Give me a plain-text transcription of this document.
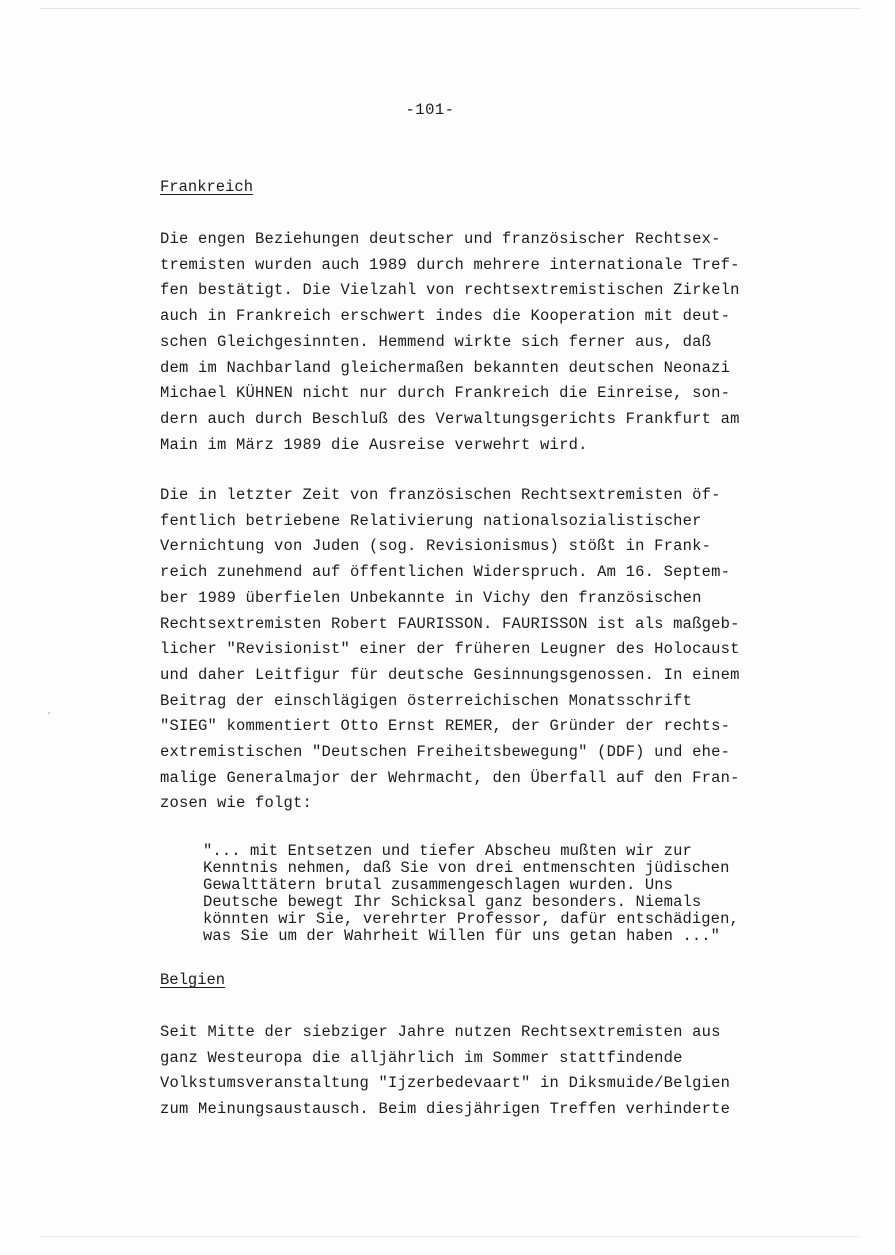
-101-
Frankreich

Die engen Beziehungen deutscher und französischer Rechtsex-
tremisten wurden auch 1989 durch mehrere internationale Tref-
fen bestätigt. Die Vielzahl von rechtsextremistischen Zirkeln
auch in Frankreich erschwert indes die Kooperation mit deut-
schen Gleichgesinnten. Hemmend wirkte sich ferner aus, daß
dem im Nachbarland gleichermaßen bekannten deutschen Neonazi
Michael KÜHNEN nicht nur durch Frankreich die Einreise, son-
dern auch durch Beschluß des Verwaltungsgerichts Frankfurt am
Main im März 1989 die Ausreise verwehrt wird.

Die in letzter Zeit von französischen Rechtsextremisten öf-
fentlich betriebene Relativierung nationalsozialistischer
Vernichtung von Juden (sog. Revisionismus) stößt in Frank-
reich zunehmend auf öffentlichen Widerspruch. Am 16. Septem-
ber 1989 überfielen Unbekannte in Vichy den französischen
Rechtsextremisten Robert FAURISSON. FAURISSON ist als maßgeb-
licher "Revisionist" einer der früheren Leugner des Holocaust
und daher Leitfigur für deutsche Gesinnungsgenossen. In einem
Beitrag der einschlägigen österreichischen Monatsschrift
"SIEG" kommentiert Otto Ernst REMER, der Gründer der rechts-
extremistischen "Deutschen Freiheitsbewegung" (DDF) und ehe-
malige Generalmajor der Wehrmacht, den Überfall auf den Fran-
zosen wie folgt:

"... mit Entsetzen und tiefer Abscheu mußten wir zur
Kenntnis nehmen, daß Sie von drei entmenschten jüdischen
Gewalttätern brutal zusammengeschlagen wurden. Uns
Deutsche bewegt Ihr Schicksal ganz besonders. Niemals
könnten wir Sie, verehrter Professor, dafür entschädigen,
was Sie um der Wahrheit Willen für uns getan haben ..."

Belgien

Seit Mitte der siebziger Jahre nutzen Rechtsextremisten aus
ganz Westeuropa die alljährlich im Sommer stattfindende
Volkstumsveranstaltung "Ijzerbedevaart" in Diksmuide/Belgien
zum Meinungsaustausch. Beim diesjährigen Treffen verhinderte
